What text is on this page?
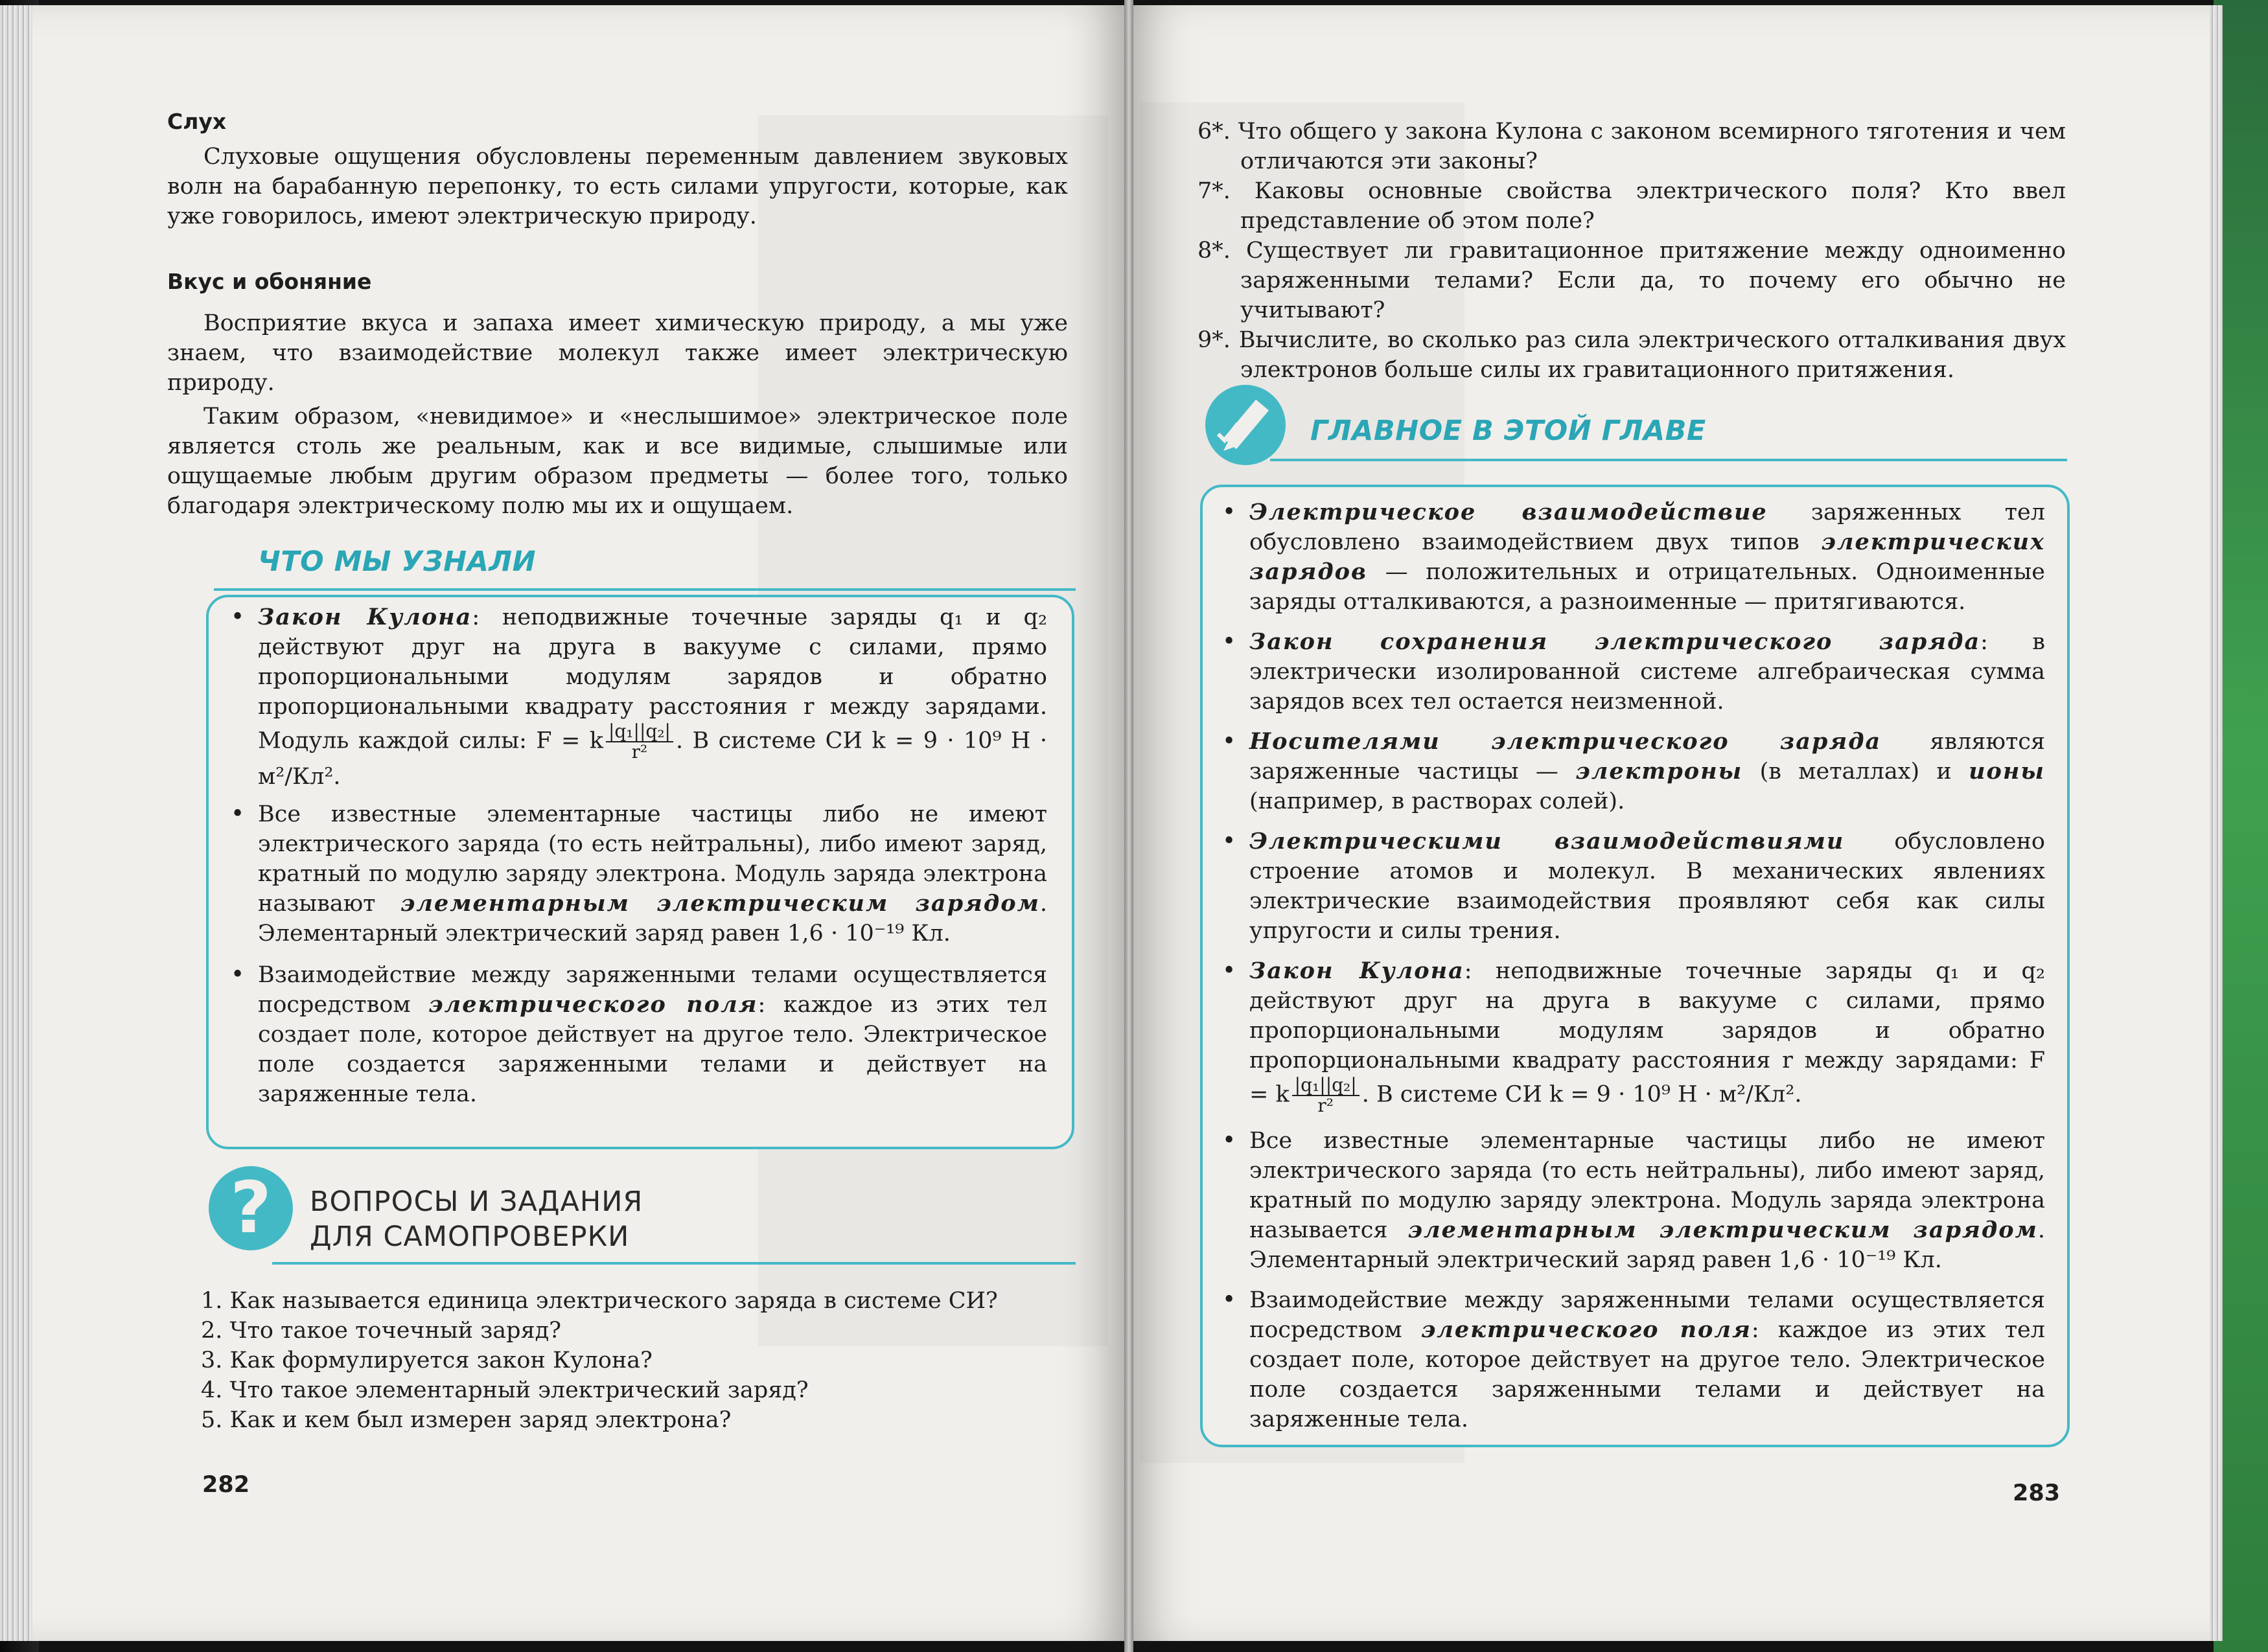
Слух

Слуховые ощущения обусловлены переменным давлением звуковых волн на барабанную перепонку, то есть силами упругости, которые, как уже говорилось, имеют электрическую природу.

Вкус и обоняние

Восприятие вкуса и запаха имеет химическую природу, а мы уже знаем, что взаимодействие молекул также имеет электрическую природу.

Таким образом, «невидимое» и «неслышимое» электрическое поле является столь же реальным, как и все видимые, слышимые или ощущаемые любым другим образом предметы — более того, только благодаря электрическому полю мы их и ощущаем.

ЧТО МЫ УЗНАЛИ

• Закон Кулона: неподвижные точечные заряды q₁ и q₂ действуют друг на друга в вакууме с силами, прямо пропорциональными модулям зарядов и обратно пропорциональными квадрату расстояния r между зарядами. Модуль каждой силы: F = k $\frac{\text{|q₁||q₂|}}{\text{r²}}$ . В системе СИ k = 9 · 10⁹ Н · м²/Кл².

• Все известные элементарные частицы либо не имеют электрического заряда (то есть нейтральны), либо имеют заряд, кратный по модулю заряду электрона. Модуль заряда электрона называют элементарным электрическим зарядом. Элементарный электрический заряд равен 1,6 · 10⁻¹⁹ Кл.

• Взаимодействие между заряженными телами осуществляется посредством электрического поля: каждое из этих тел создает поле, которое действует на другое тело. Электрическое поле создается заряженными телами и действует на заряженные тела.

? ВОПРОСЫ И ЗАДАНИЯ
ДЛЯ САМОПРОВЕРКИ

1. Как называется единица электрического заряда в системе СИ?

2. Что такое точечный заряд?

3. Как формулируется закон Кулона?

4. Что такое элементарный электрический заряд?

5. Как и кем был измерен заряд электрона?

282

6*. Что общего у закона Кулона с законом всемирного тяготения и чем отличаются эти законы?

7*. Каковы основные свойства электрического поля? Кто ввел представление об этом поле?

8*. Существует ли гравитационное притяжение между одноименно заряженными телами? Если да, то почему его обычно не учитывают?

9*. Вычислите, во сколько раз сила электрического отталкивания двух электронов больше силы их гравитационного притяжения.

ГЛАВНОЕ В ЭТОЙ ГЛАВЕ

• Электрическое взаимодействие заряженных тел обусловлено взаимодействием двух типов электрических зарядов — положительных и отрицательных. Одноименные заряды отталкиваются, а разноименные — притягиваются.

• Закон сохранения электрического заряда: в электрически изолированной системе алгебраическая сумма зарядов всех тел остается неизменной.

• Носителями электрического заряда являются заряженные частицы — электроны (в металлах) и ионы (например, в растворах солей).

• Электрическими взаимодействиями обусловлено строение атомов и молекул. В механических явлениях электрические взаимодействия проявляют себя как силы упругости и силы трения.

• Закон Кулона: неподвижные точечные заряды q₁ и q₂ действуют друг на друга в вакууме с силами, прямо пропорциональными модулям зарядов и обратно пропорциональными квадрату расстояния r между зарядами: F = k $\frac{\text{|q₁||q₂|}}{\text{r²}}$ . В системе СИ k = 9 · 10⁹ Н · м²/Кл².

• Все известные элементарные частицы либо не имеют электрического заряда (то есть нейтральны), либо имеют заряд, кратный по модулю заряду электрона. Модуль заряда электрона называется элементарным электрическим зарядом. Элементарный электрический заряд равен 1,6 · 10⁻¹⁹ Кл.

• Взаимодействие между заряженными телами осуществляется посредством электрического поля: каждое из этих тел создает поле, которое действует на другое тело. Электрическое поле создается заряженными телами и действует на заряженные тела.

283
